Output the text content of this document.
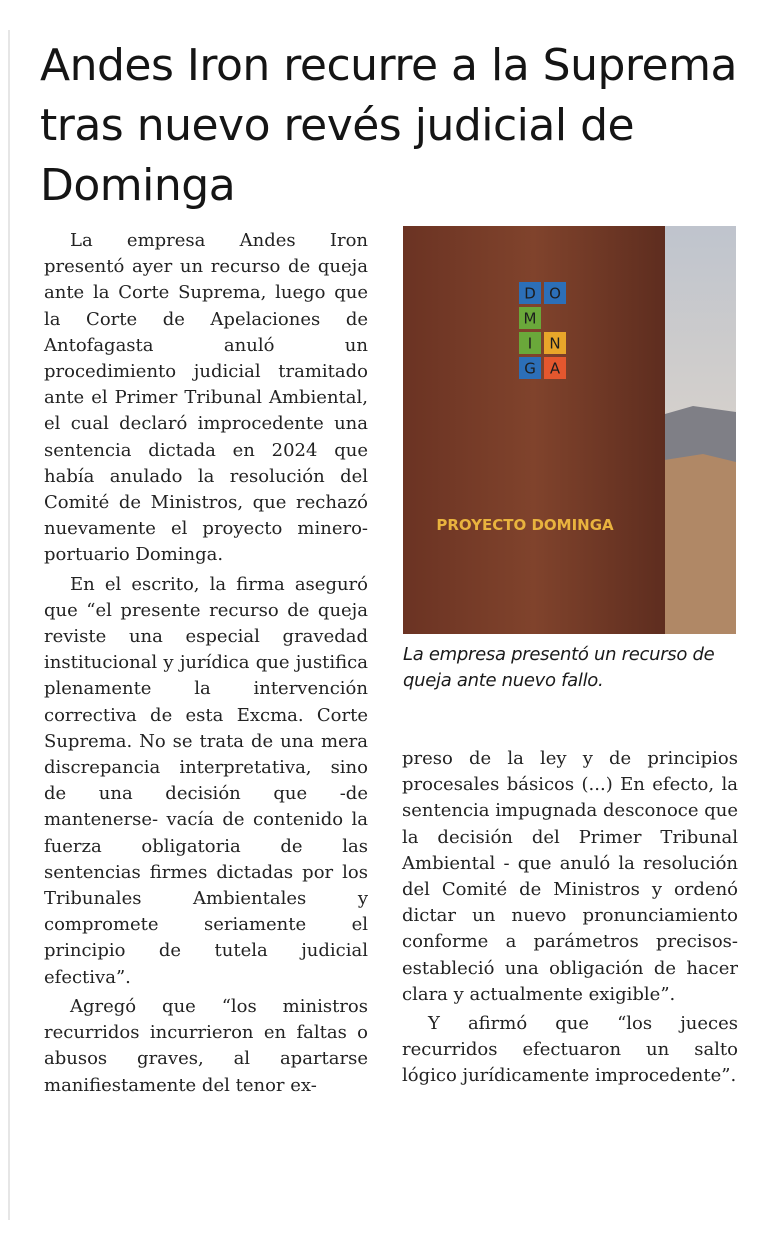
Andes Iron recurre a la Suprema tras nuevo revés judicial de Dominga

La empresa Andes Iron presentó ayer un recurso de queja ante la Corte Suprema, luego que la Corte de Apelaciones de Antofagasta anuló un procedimiento judicial tramitado ante el Primer Tribunal Ambiental, el cual declaró improcedente una sentencia dictada en 2024 que había anulado la resolución del Comité de Ministros, que rechazó nuevamente el proyecto minero-portuario Dominga.

En el escrito, la firma aseguró que “el presente recurso de queja reviste una especial gravedad institucional y jurídica que justifica plenamente la intervención correctiva de esta Excma. Corte Suprema. No se trata de una mera discrepancia interpretativa, sino de una decisión que -de mantenerse- vacía de contenido la fuerza obligatoria de las sentencias firmes dictadas por los Tribunales Ambientales y compromete seriamente el principio de tutela judicial efectiva”.

Agregó que “los ministros recurridos incurrieron en faltas o abusos graves, al apartarse manifiestamente del tenor ex-

D O
M
I N
G A
PROYECTO DOMINGA

La empresa presentó un recurso de queja ante nuevo fallo.

preso de la ley y de principios procesales básicos (...) En efecto, la sentencia impugnada desconoce que la decisión del Primer Tribunal Ambiental - que anuló la resolución del Comité de Ministros y ordenó dictar un nuevo pronunciamiento conforme a parámetros precisos- estableció una obligación de hacer clara y actualmente exigible”.

Y afirmó que “los jueces recurridos efectuaron un salto lógico jurídicamente improcedente”.
